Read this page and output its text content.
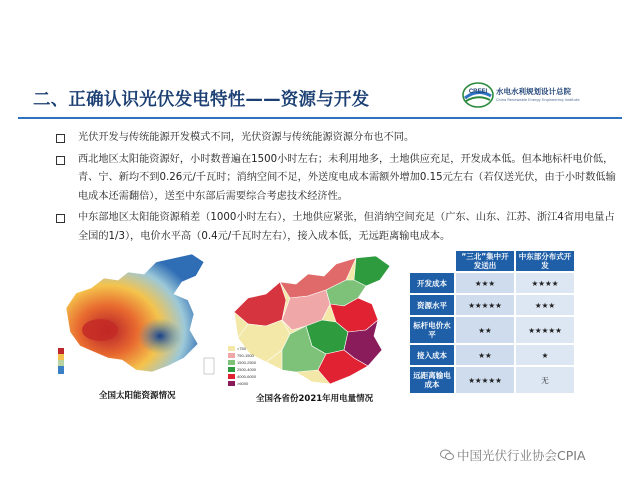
二、正确认识光伏发电特性——资源与开发	CREEI 水电水利规划设计总院
China Renewable Energy Engineering Institute
光伏开发与传统能源开发模式不同，光伏资源与传统能源资源分布也不同。
西北地区太阳能资源好，小时数普遍在1500小时左右；未利用地多，土地供应充足，开发成本低。但本地标杆电价低，青、宁、新均不到0.26元/千瓦时；消纳空间不足，外送度电成本需额外增加0.15元左右（若仅送光伏，由于小时数低输电成本还需翻倍），送至中东部后需要综合考虑技术经济性。
中东部地区太阳能资源稍差（1000小时左右），土地供应紧张，但消纳空间充足（广东、山东、江苏、浙江4省用电量占全国的1/3），电价水平高（0.4元/千瓦时左右），接入成本低，无远距离输电成本。
全国太阳能资源情况
<750
750-1500
1500-2500
2500-4000
4000-6000
>6000
全国各省份2021年用电量情况
	“三北”集中开发送出	中东部分布式开发
开发成本	★★★	★★★★
资源水平	★★★★★	★★★
标杆电价水平	★★	★★★★★
接入成本	★★	★
远距离输电成本	★★★★★	无
中国光伏行业协会CPIA
